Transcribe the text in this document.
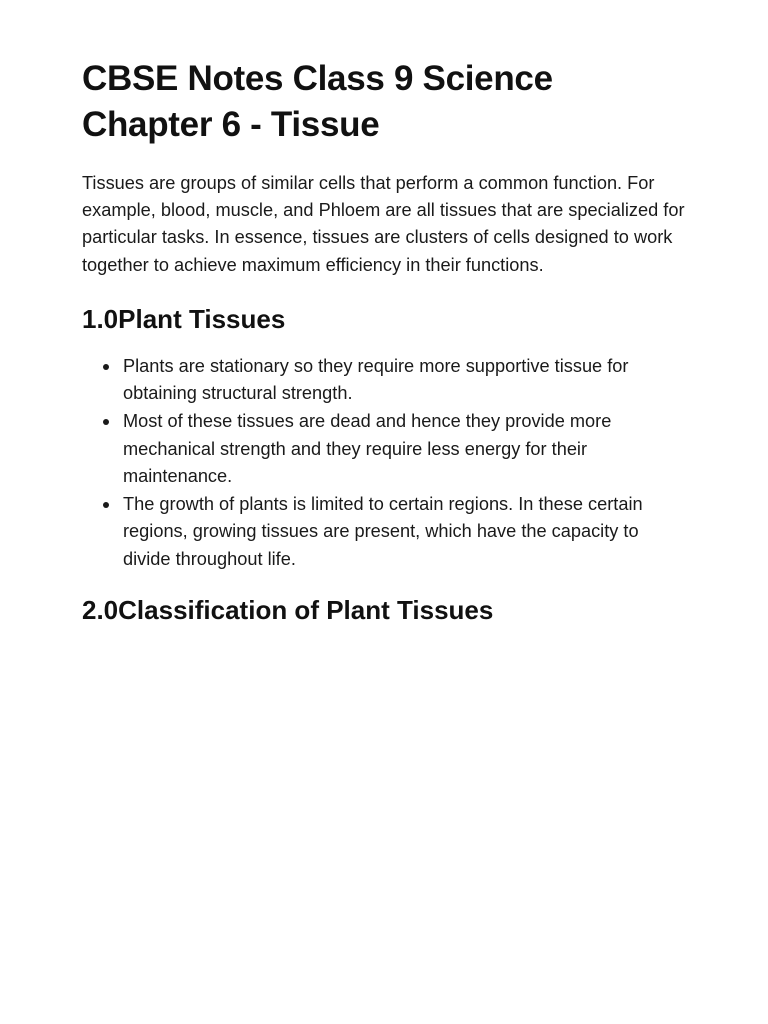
CBSE Notes Class 9 Science Chapter 6 - Tissue

Tissues are groups of similar cells that perform a common function. For example, blood, muscle, and Phloem are all tissues that are specialized for particular tasks. In essence, tissues are clusters of cells designed to work together to achieve maximum efficiency in their functions.

1.0Plant Tissues
Plants are stationary so they require more supportive tissue for obtaining structural strength.
Most of these tissues are dead and hence they provide more mechanical strength and they require less energy for their maintenance.
The growth of plants is limited to certain regions. In these certain regions, growing tissues are present, which have the capacity to divide throughout life.
2.0Classification of Plant Tissues
